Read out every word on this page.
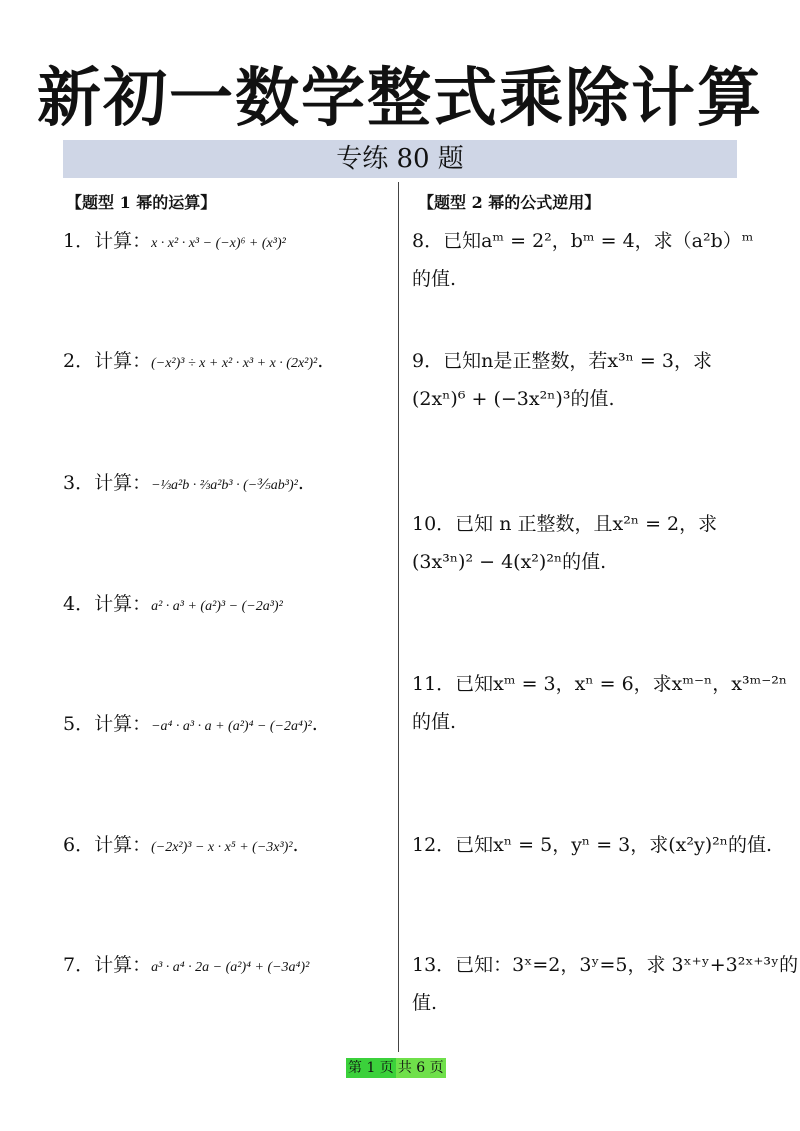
新初一数学整式乘除计算
专练 80 题
【题型 1 幂的运算】
1．计算：x · x² · x³ − (−x)⁶ + (x³)²
2．计算：(−x²)³ ÷ x + x² · x³ + x · (2x²)².
3．计算：−⅓a²b · ⅔a²b³ · (−⅗ab³)².
4．计算：a² · a³ + (a²)³ − (−2a³)²
5．计算：−a⁴ · a³ · a + (a²)⁴ − (−2a⁴)².
6．计算：(−2x²)³ − x · x⁵ + (−3x³)².
7．计算：a³ · a⁴ · 2a − (a²)⁴ + (−3a⁴)²
【题型 2 幂的公式逆用】
8．已知aᵐ = 2²，bᵐ = 4，求（a²b）ᵐ
的值.
9．已知n是正整数，若x³ⁿ = 3，求
(2xⁿ)⁶ + (−3x²ⁿ)³的值.
10．已知 n 正整数，且x²ⁿ = 2，求
(3x³ⁿ)² − 4(x²)²ⁿ的值.
11．已知xᵐ = 3，xⁿ = 6，求xᵐ⁻ⁿ，x³ᵐ⁻²ⁿ
的值.
12．已知xⁿ = 5，yⁿ = 3，求(x²y)²ⁿ的值.
13．已知：3ˣ=2，3ʸ=5，求 3ˣ⁺ʸ+3²ˣ⁺³ʸ的
值.
第 1 页 共 6 页
